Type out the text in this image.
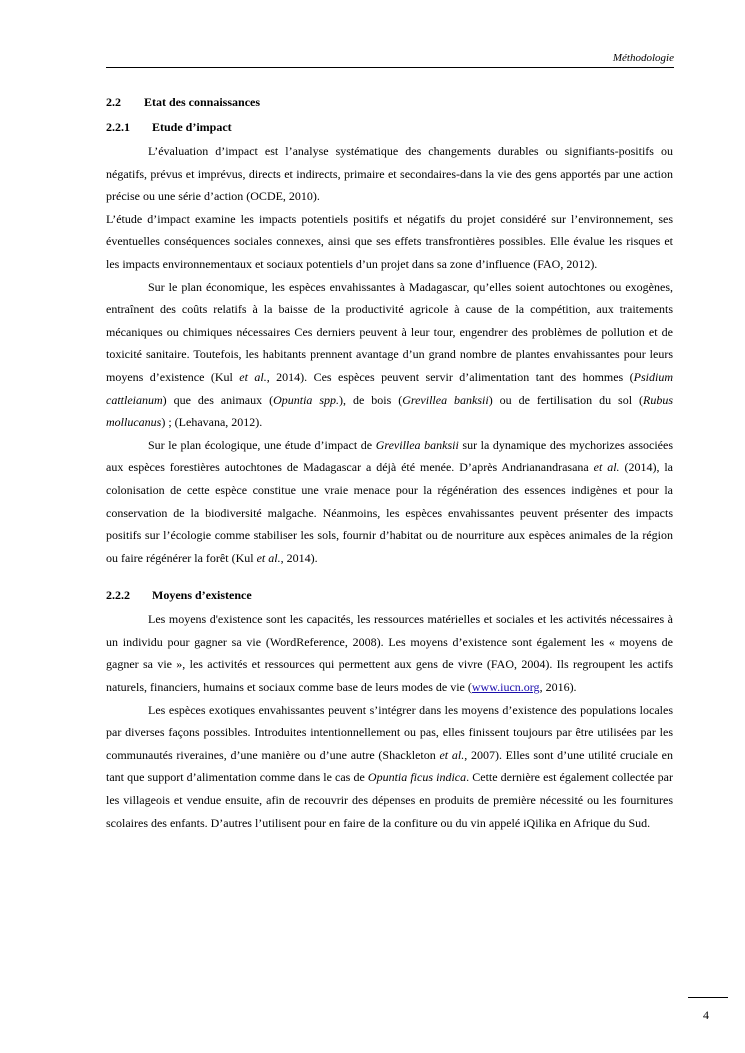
Méthodologie
2.2 Etat des connaissances
2.2.1 Etude d’impact

L’évaluation d’impact est l’analyse systématique des changements durables ou signifiants-positifs ou négatifs, prévus et imprévus, directs et indirects, primaire et secondaires-dans la vie des gens apportés par une action précise ou une série d’action (OCDE, 2010).

L’étude d’impact examine les impacts potentiels positifs et négatifs du projet considéré sur l’environnement, ses éventuelles conséquences sociales connexes, ainsi que ses effets transfrontières possibles. Elle évalue les risques et les impacts environnementaux et sociaux potentiels d’un projet dans sa zone d’influence (FAO, 2012).

Sur le plan économique, les espèces envahissantes à Madagascar, qu’elles soient autochtones ou exogènes, entraînent des coûts relatifs à la baisse de la productivité agricole à cause de la compétition, aux traitements mécaniques ou chimiques nécessaires Ces derniers peuvent à leur tour, engendrer des problèmes de pollution et de toxicité sanitaire. Toutefois, les habitants prennent avantage d’un grand nombre de plantes envahissantes pour leurs moyens d’existence (Kul et al., 2014). Ces espèces peuvent servir d’alimentation tant des hommes (Psidium cattleianum) que des animaux (Opuntia spp.), de bois (Grevillea banksii) ou de fertilisation du sol (Rubus mollucanus) ; (Lehavana, 2012).

Sur le plan écologique, une étude d’impact de Grevillea banksii sur la dynamique des mychorizes associées aux espèces forestières autochtones de Madagascar a déjà été menée. D’après Andrianandrasana et al. (2014), la colonisation de cette espèce constitue une vraie menace pour la régénération des essences indigènes et pour la conservation de la biodiversité malgache. Néanmoins, les espèces envahissantes peuvent présenter des impacts positifs sur l’écologie comme stabiliser les sols, fournir d’habitat ou de nourriture aux espèces animales de la région ou faire régénérer la forêt (Kul et al., 2014).

2.2.2 Moyens d’existence

Les moyens d'existence sont les capacités, les ressources matérielles et sociales et les activités nécessaires à un individu pour gagner sa vie (WordReference, 2008). Les moyens d’existence sont également les « moyens de gagner sa vie », les activités et ressources qui permettent aux gens de vivre (FAO, 2004). Ils regroupent les actifs naturels, financiers, humains et sociaux comme base de leurs modes de vie (www.iucn.org, 2016).

Les espèces exotiques envahissantes peuvent s’intégrer dans les moyens d’existence des populations locales par diverses façons possibles. Introduites intentionnellement ou pas, elles finissent toujours par être utilisées par les communautés riveraines, d’une manière ou d’une autre (Shackleton et al., 2007). Elles sont d’une utilité cruciale en tant que support d’alimentation comme dans le cas de Opuntia ficus indica. Cette dernière est également collectée par les villageois et vendue ensuite, afin de recouvrir des dépenses en produits de première nécessité ou les fournitures scolaires des enfants. D’autres l’utilisent pour en faire de la confiture ou du vin appelé iQilika en Afrique du Sud.

4
